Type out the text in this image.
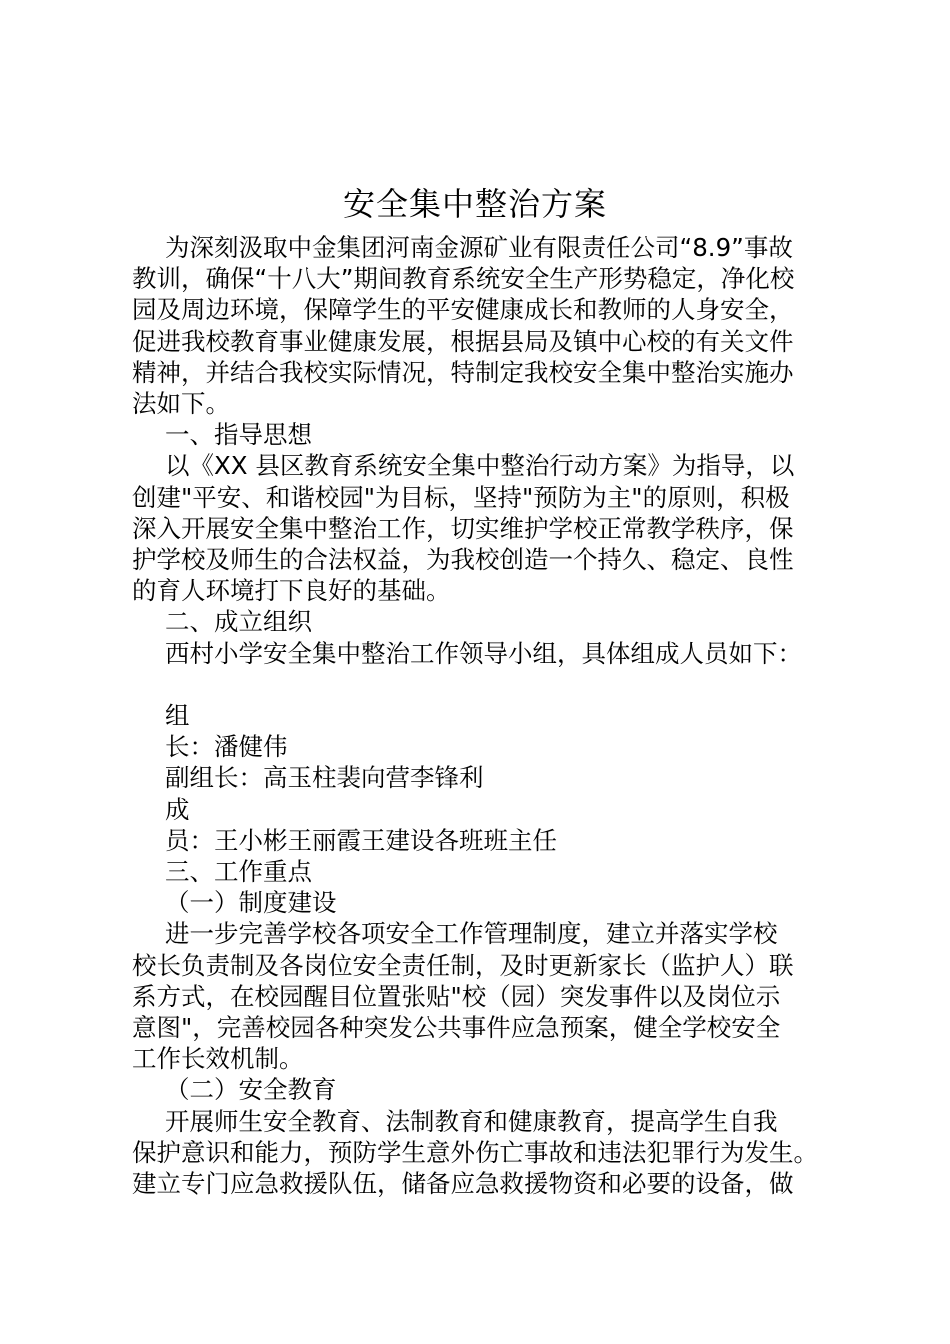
安全集中整治方案

为深刻汲取中金集团河南金源矿业有限责任公司“8.9”事故

教训，确保“十八大”期间教育系统安全生产形势稳定，净化校

园及周边环境，保障学生的平安健康成长和教师的人身安全，

促进我校教育事业健康发展，根据县局及镇中心校的有关文件

精神，并结合我校实际情况，特制定我校安全集中整治实施办

法如下。

一、指导思想

以《XX 县区教育系统安全集中整治行动方案》为指导，以

创建"平安、和谐校园"为目标，坚持"预防为主"的原则，积极

深入开展安全集中整治工作，切实维护学校正常教学秩序，保

护学校及师生的合法权益，为我校创造一个持久、稳定、良性

的育人环境打下良好的基础。

二、成立组织

西村小学安全集中整治工作领导小组，具体组成人员如下：

组

长：潘健伟

副组长：高玉柱裴向营李锋利

成

员：王小彬王丽霞王建设各班班主任

三、工作重点

（一）制度建设

进一步完善学校各项安全工作管理制度，建立并落实学校

校长负责制及各岗位安全责任制，及时更新家长（监护人）联

系方式，在校园醒目位置张贴"校（园）突发事件以及岗位示

意图"，完善校园各种突发公共事件应急预案，健全学校安全

工作长效机制。

（二）安全教育

开展师生安全教育、法制教育和健康教育，提高学生自我

保护意识和能力，预防学生意外伤亡事故和违法犯罪行为发生。

建立专门应急救援队伍，储备应急救援物资和必要的设备，做
